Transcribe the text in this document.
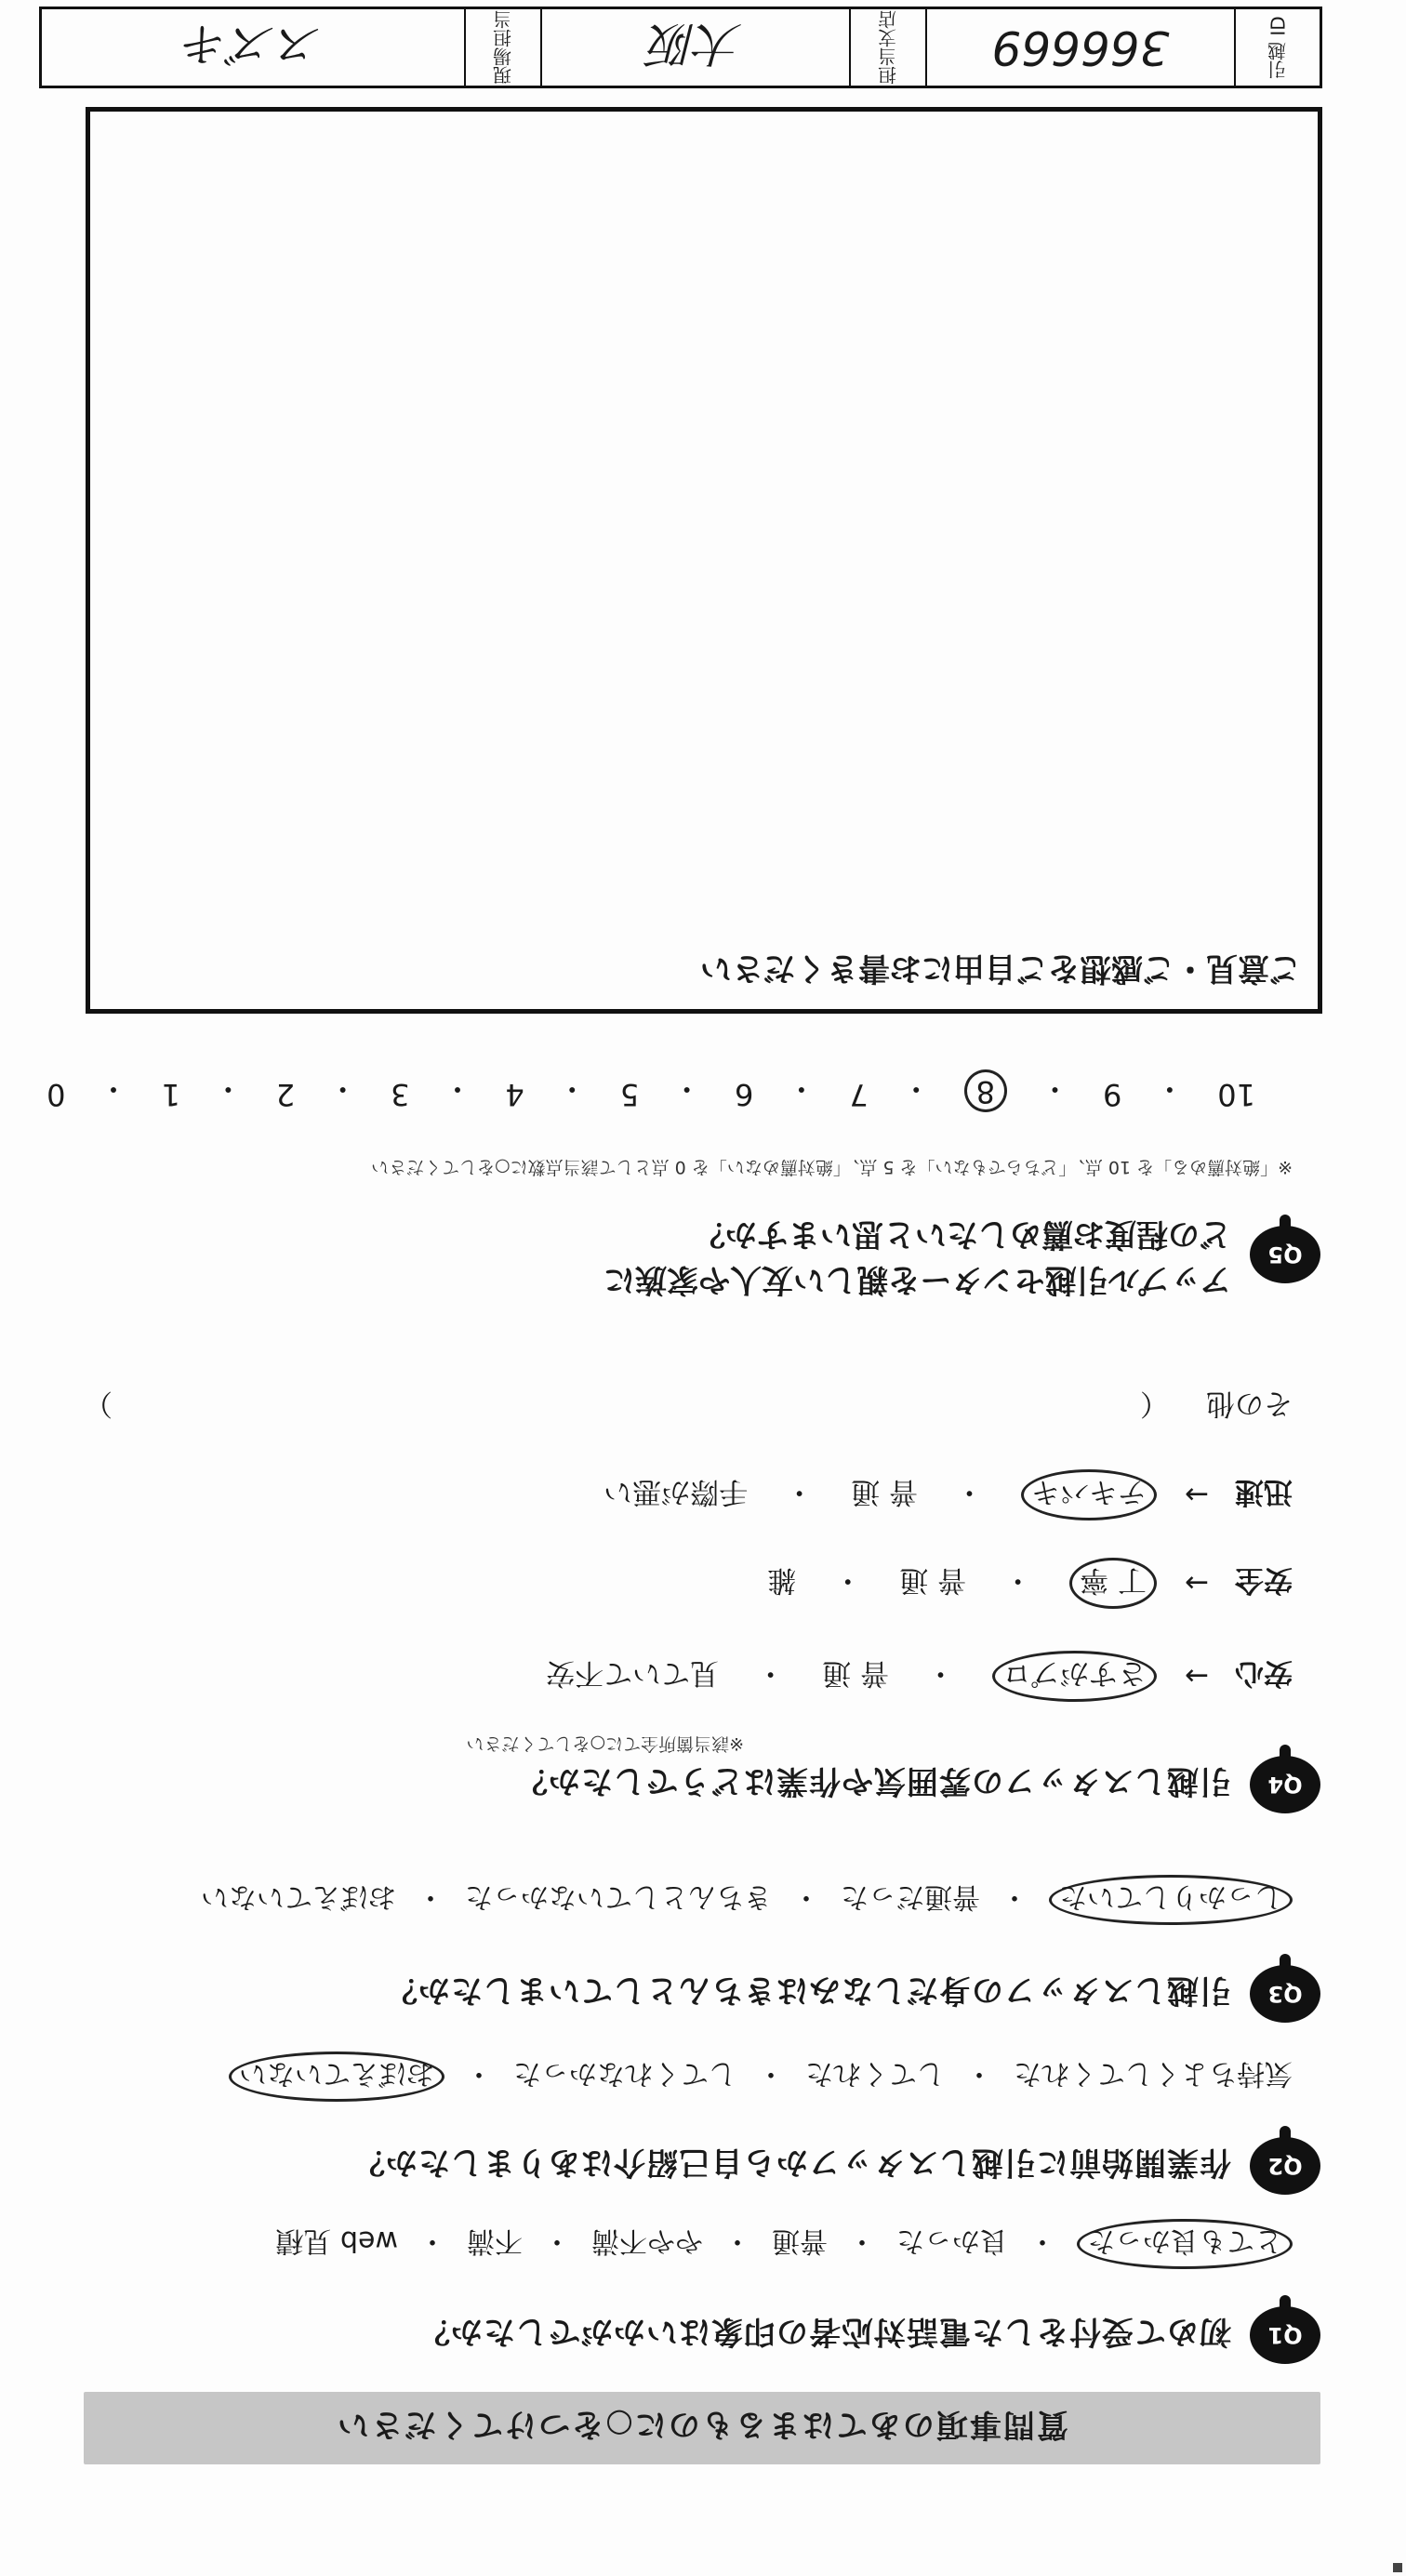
質問事項のあてはまるものに○をつけてください
Q1
初めて受付をした電話対応者の印象はいかがでしたか？
とても良かった
・
良かった
・
普通
・
やや不満
・
不満
・
web 見積
Q2
作業開始前に引越しスタッフから自己紹介はありましたか？
気持ちよくしてくれた
・
してくれた
・
してくれなかった
・
おぼえていない
Q3
引越しスタッフの身だしなみはきちんとしていましたか？
しっかりしていた
・
普通だった
・
きちんとしていなかった
・
おぼえていない
Q4
引越しスタッフの雰囲気や作業はどうでしたか？
※該当箇所全てに○をしてください
安心
→
さすがプロ
・
普 通
・
見ていて不安
安全
→
丁 寧
・
普 通
・
雑
迅速
→
テキパキ
・
普 通
・
手際が悪い
その他
（
）
Q5
アップル引越センターを親しい友人や家族に
どの程度お薦めしたいと思いますか？
※「絶対薦める」を 10 点、「どちらでもない」を 5 点、「絶対薦めない」を 0 点として該当点数に○をしてください
10
・
9
・
8
・
7
・
6
・
5
・
4
・
3
・
2
・
1
・
0
ご意見・ご感想をご自由にお書きください
引越 ID
366669
担当支店
大阪
現場担当
スズキ
